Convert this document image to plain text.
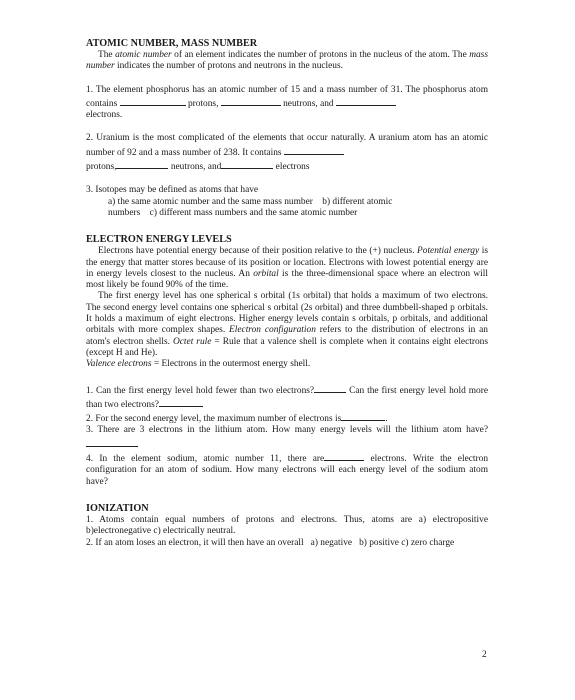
ATOMIC NUMBER, MASS NUMBER

The atomic number of an element indicates the number of protons in the nucleus of the atom. The mass number indicates the number of protons and neutrons in the nucleus.

1. The element phosphorus has an atomic number of 15 and a mass number of 31. The phosphorus atom contains	protons,	neutrons, and
electrons.

2. Uranium is the most complicated of the elements that occur naturally. A uranium atom has an atomic number of 92 and a mass number of 238. It contains
protons,	neutrons, and	electrons

3. Isotopes may be defined as atoms that have

a) the same atomic number and the same mass number    b) different atomic

numbers    c) different mass numbers and the same atomic number

ELECTRON ENERGY LEVELS

Electrons have potential energy because of their position relative to the (+) nucleus. Potential energy is the energy that matter stores because of its position or location. Electrons with lowest potential energy are in energy levels closest to the nucleus. An orbital is the three-dimensional space where an electron will most likely be found 90% of the time.

The first energy level has one spherical s orbital (1s orbital) that holds a maximum of two electrons. The second energy level contains one spherical s orbital (2s orbital) and three dumbbell-shaped p orbitals. It holds a maximum of eight electrons. Higher energy levels contain s orbitals, p orbitals, and additional orbitals with more complex shapes. Electron configuration refers to the distribution of electrons in an atom's electron shells. Octet rule = Rule that a valence shell is complete when it contains eight electrons (except H and He).

Valence electrons = Electrons in the outermost energy shell.

1. Can the first energy level hold fewer than two electrons?	Can the first energy level hold more than two electrons?

2. For the second energy level, the maximum number of electrons is	.

3. There are 3 electrons in the lithium atom. How many energy levels will the lithium atom have?

4. In the element sodium, atomic number 11, there are	electrons. Write the electron configuration for an atom of sodium. How many electrons will each energy level of the sodium atom have?

IONIZATION

1. Atoms contain equal numbers of protons and electrons. Thus, atoms are a) electropositive b)electronegative c) electrically neutral.

2. If an atom loses an electron, it will then have an overall   a) negative   b) positive c) zero charge

2
